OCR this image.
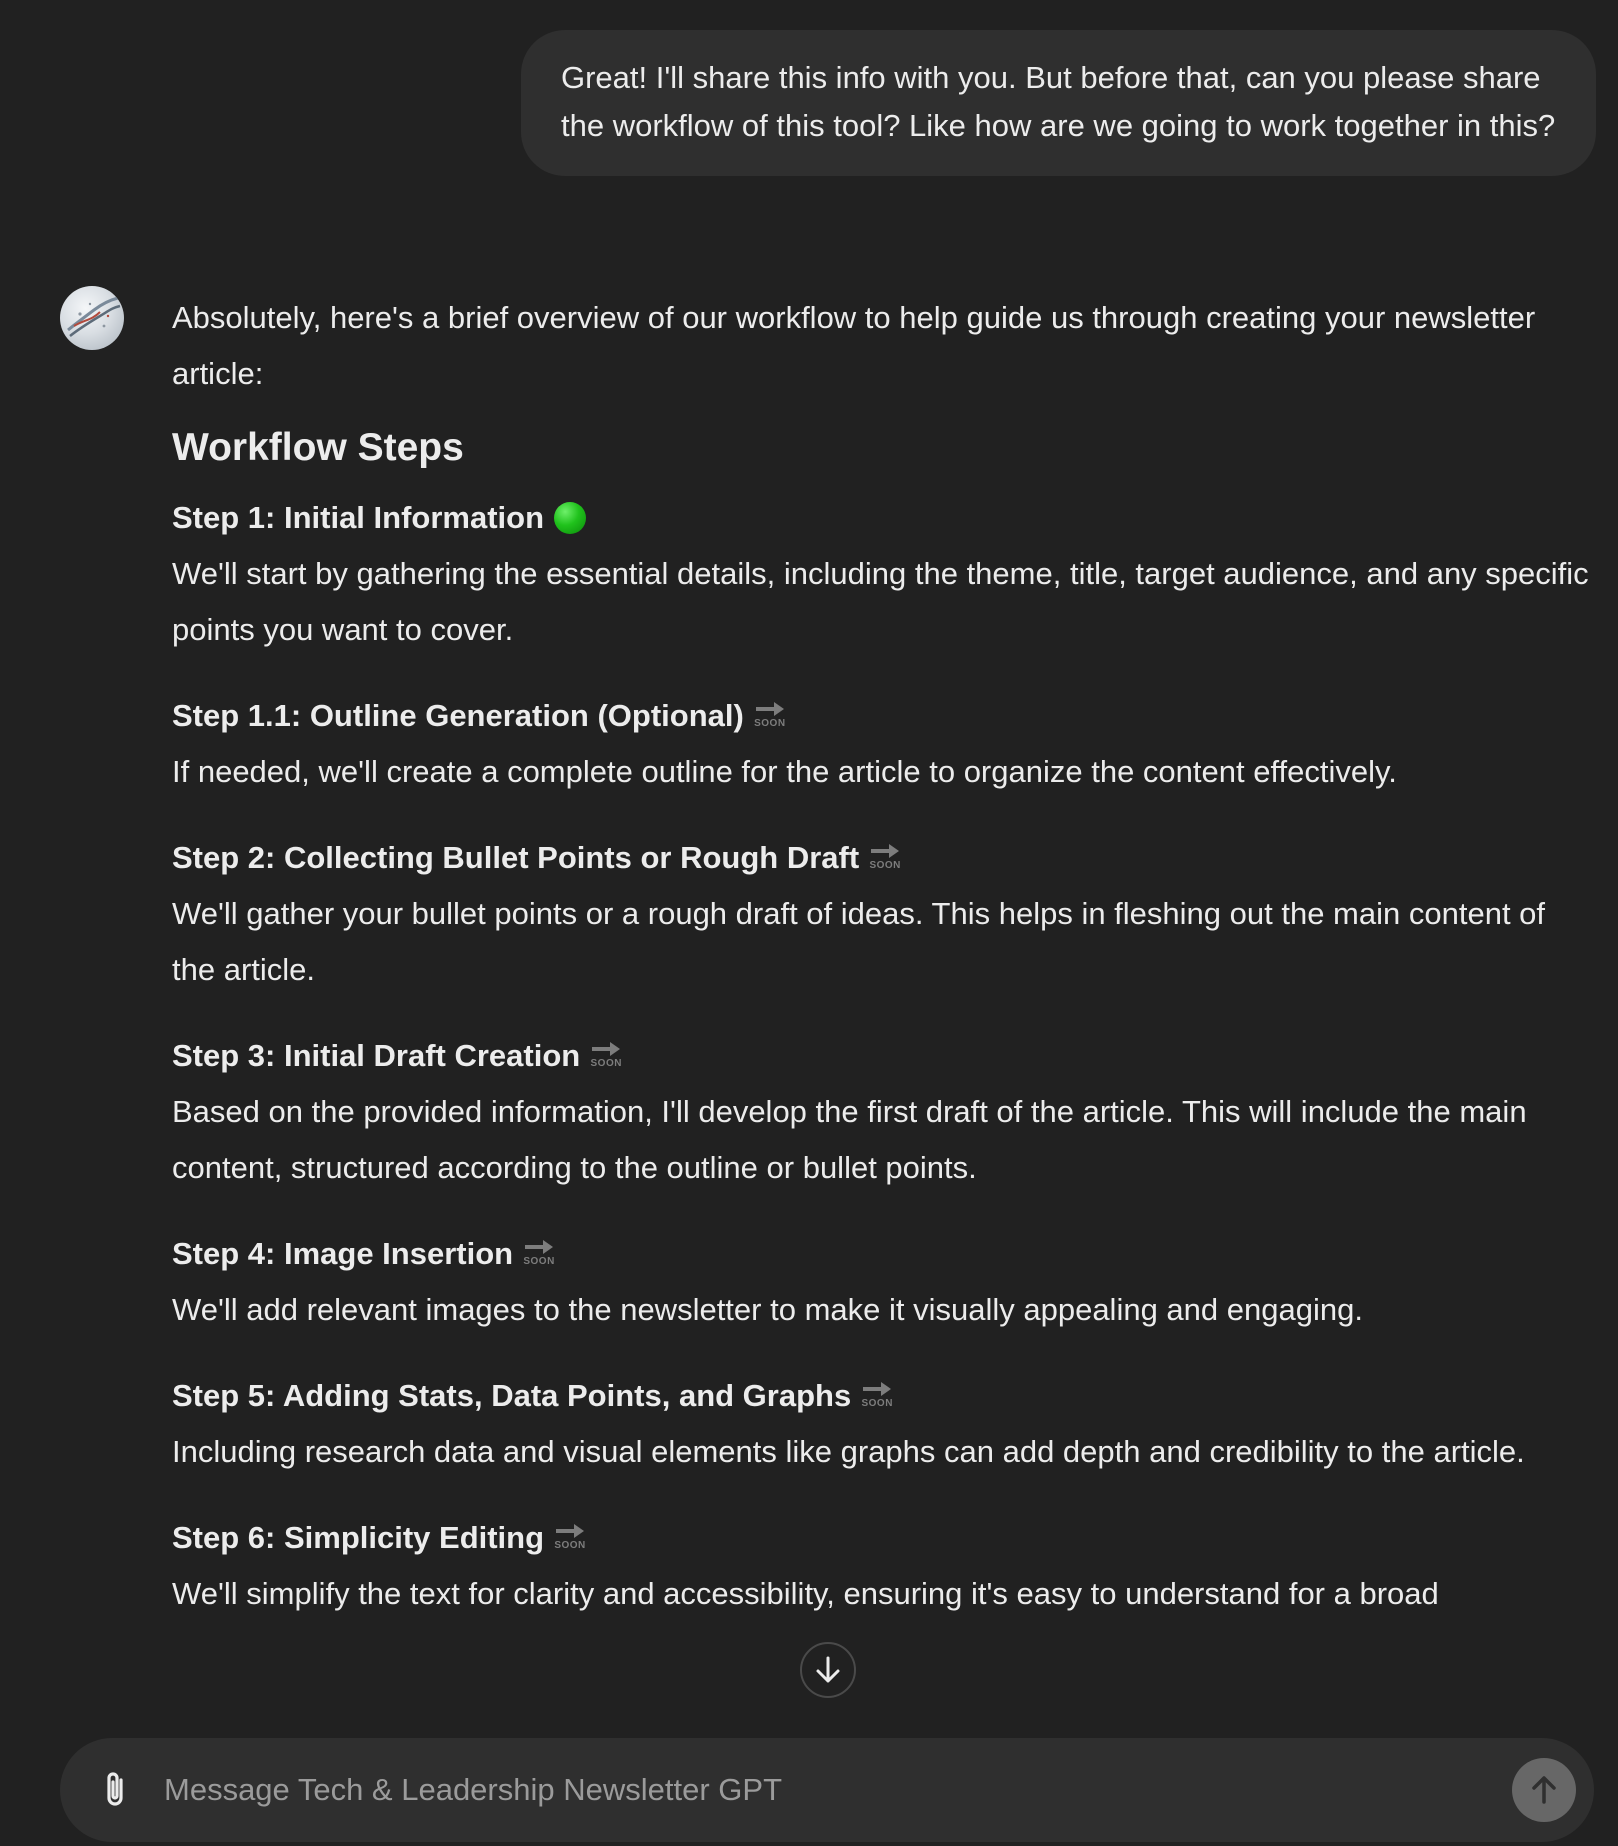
Great! I'll share this info with you. But before that, can you please share the workflow of this tool? Like how are we going to work together in this?

Absolutely, here's a brief overview of our workflow to help guide us through creating your newsletter article:

Workflow Steps
Step 1: Initial Information

We'll start by gathering the essential details, including the theme, title, target audience, and any specific points you want to cover.

Step 1.1: Outline Generation (Optional) SOON

If needed, we'll create a complete outline for the article to organize the content effectively.

Step 2: Collecting Bullet Points or Rough Draft SOON

We'll gather your bullet points or a rough draft of ideas. This helps in fleshing out the main content of the article.

Step 3: Initial Draft Creation SOON

Based on the provided information, I'll develop the first draft of the article. This will include the main content, structured according to the outline or bullet points.

Step 4: Image Insertion SOON

We'll add relevant images to the newsletter to make it visually appealing and engaging.

Step 5: Adding Stats, Data Points, and Graphs SOON

Including research data and visual elements like graphs can add depth and credibility to the article.

Step 6: Simplicity Editing SOON

We'll simplify the text for clarity and accessibility, ensuring it's easy to understand for a broad

Message Tech & Leadership Newsletter GPT
